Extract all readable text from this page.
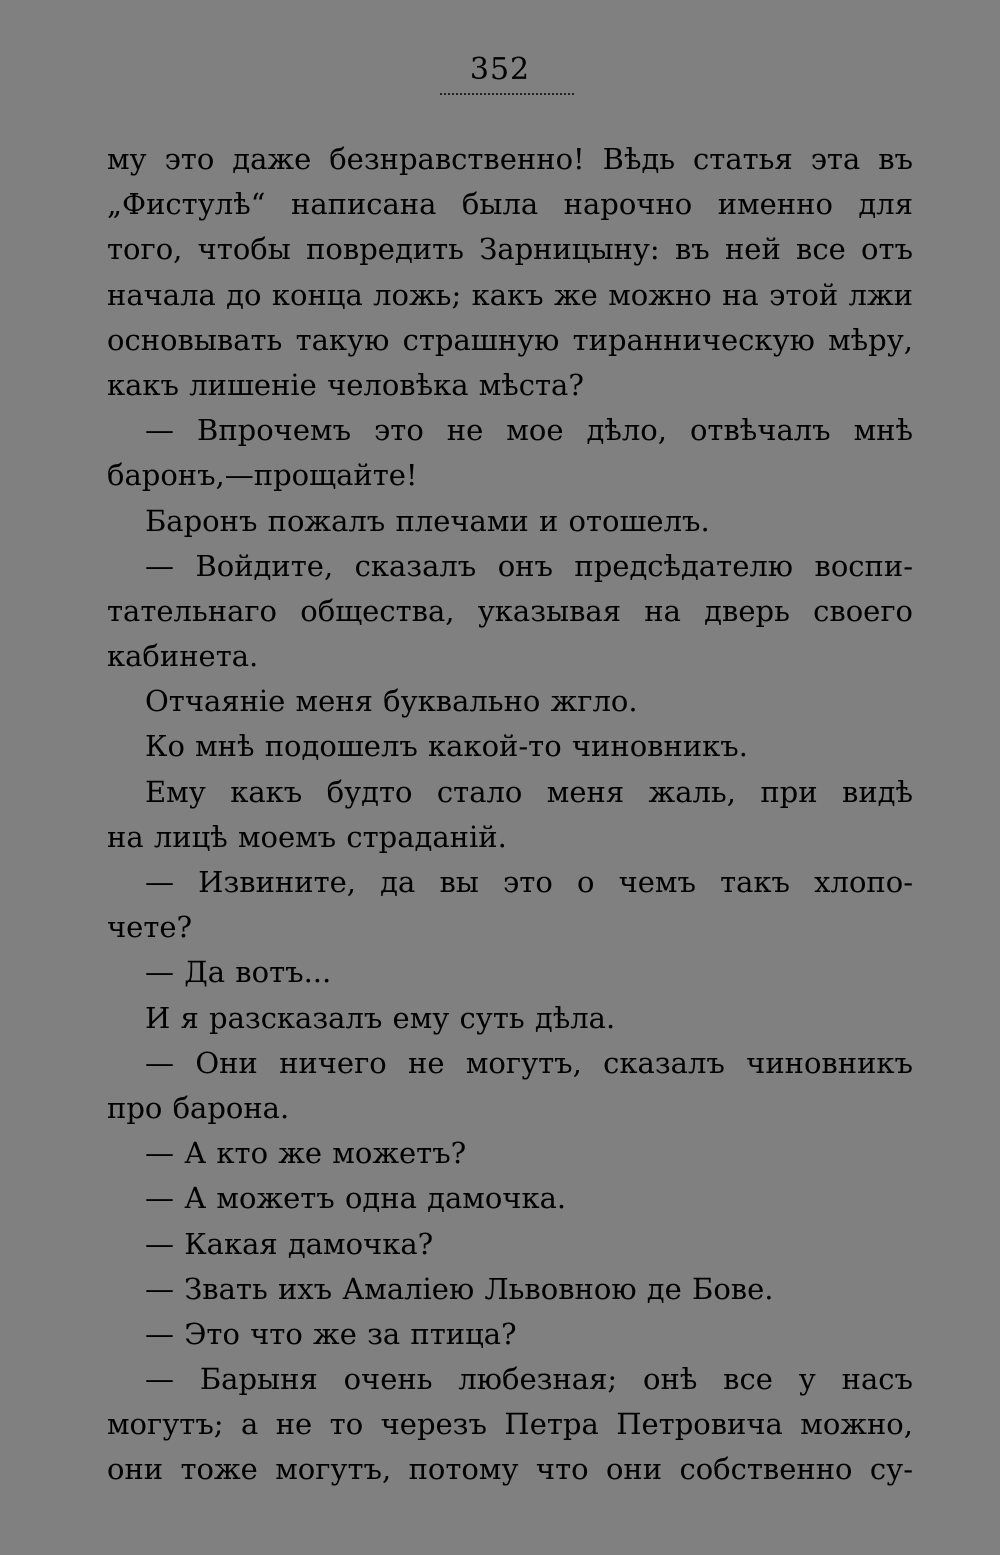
352
му это даже безнравственно! Вѣдь статья эта въ
„Фистулѣ“ написана была нарочно именно для
того, чтобы повредить Зарницыну: въ ней все отъ
начала до конца ложь; какъ же можно на этой лжи
основывать такую страшную тиранническую мѣру,
какъ лишеніе человѣка мѣста?
— Впрочемъ это не мое дѣло, отвѣчалъ мнѣ
баронъ,—прощайте!
Баронъ пожалъ плечами и отошелъ.
— Войдите, сказалъ онъ предсѣдателю воспи-
тательнаго общества, указывая на дверь своего
кабинета.
Отчаяніе меня буквально жгло.
Ко мнѣ подошелъ какой-то чиновникъ.
Ему какъ будто стало меня жаль, при видѣ
на лицѣ моемъ страданій.
— Извините, да вы это о чемъ такъ хлопо-
чете?
— Да вотъ...
И я разсказалъ ему суть дѣла.
— Они ничего не могутъ, сказалъ чиновникъ
про барона.
— А кто же можетъ?
— А можетъ одна дамочка.
— Какая дамочка?
— Звать ихъ Амаліею Львовною де Бове.
— Это что же за птица?
— Барыня очень любезная; онѣ все у насъ
могутъ; а не то черезъ Петра Петровича можно,
они тоже могутъ, потому что они собственно су-
